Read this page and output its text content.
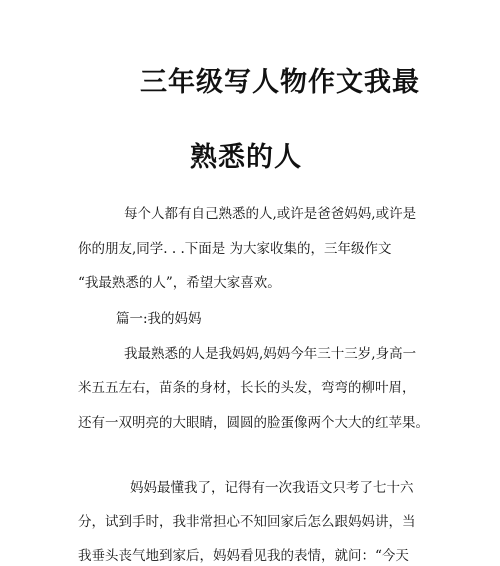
三年级写人物作文我最
熟悉的人
每个人都有自己熟悉的人,或许是爸爸妈妈,或许是
你的朋友,同学. . .下面是 为大家收集的，三年级作文
“我最熟悉的人”，希望大家喜欢。
篇一:我的妈妈
我最熟悉的人是我妈妈,妈妈今年三十三岁,身高一
米五五左右，苗条的身材，长长的头发，弯弯的柳叶眉，
还有一双明亮的大眼睛，圆圆的脸蛋像两个大大的红苹果。
妈妈最懂我了，记得有一次我语文只考了七十六
分，试到手时，我非常担心不知回家后怎么跟妈妈讲，当
我垂头丧气地到家后，妈妈看见我的表情，就问：“今天
